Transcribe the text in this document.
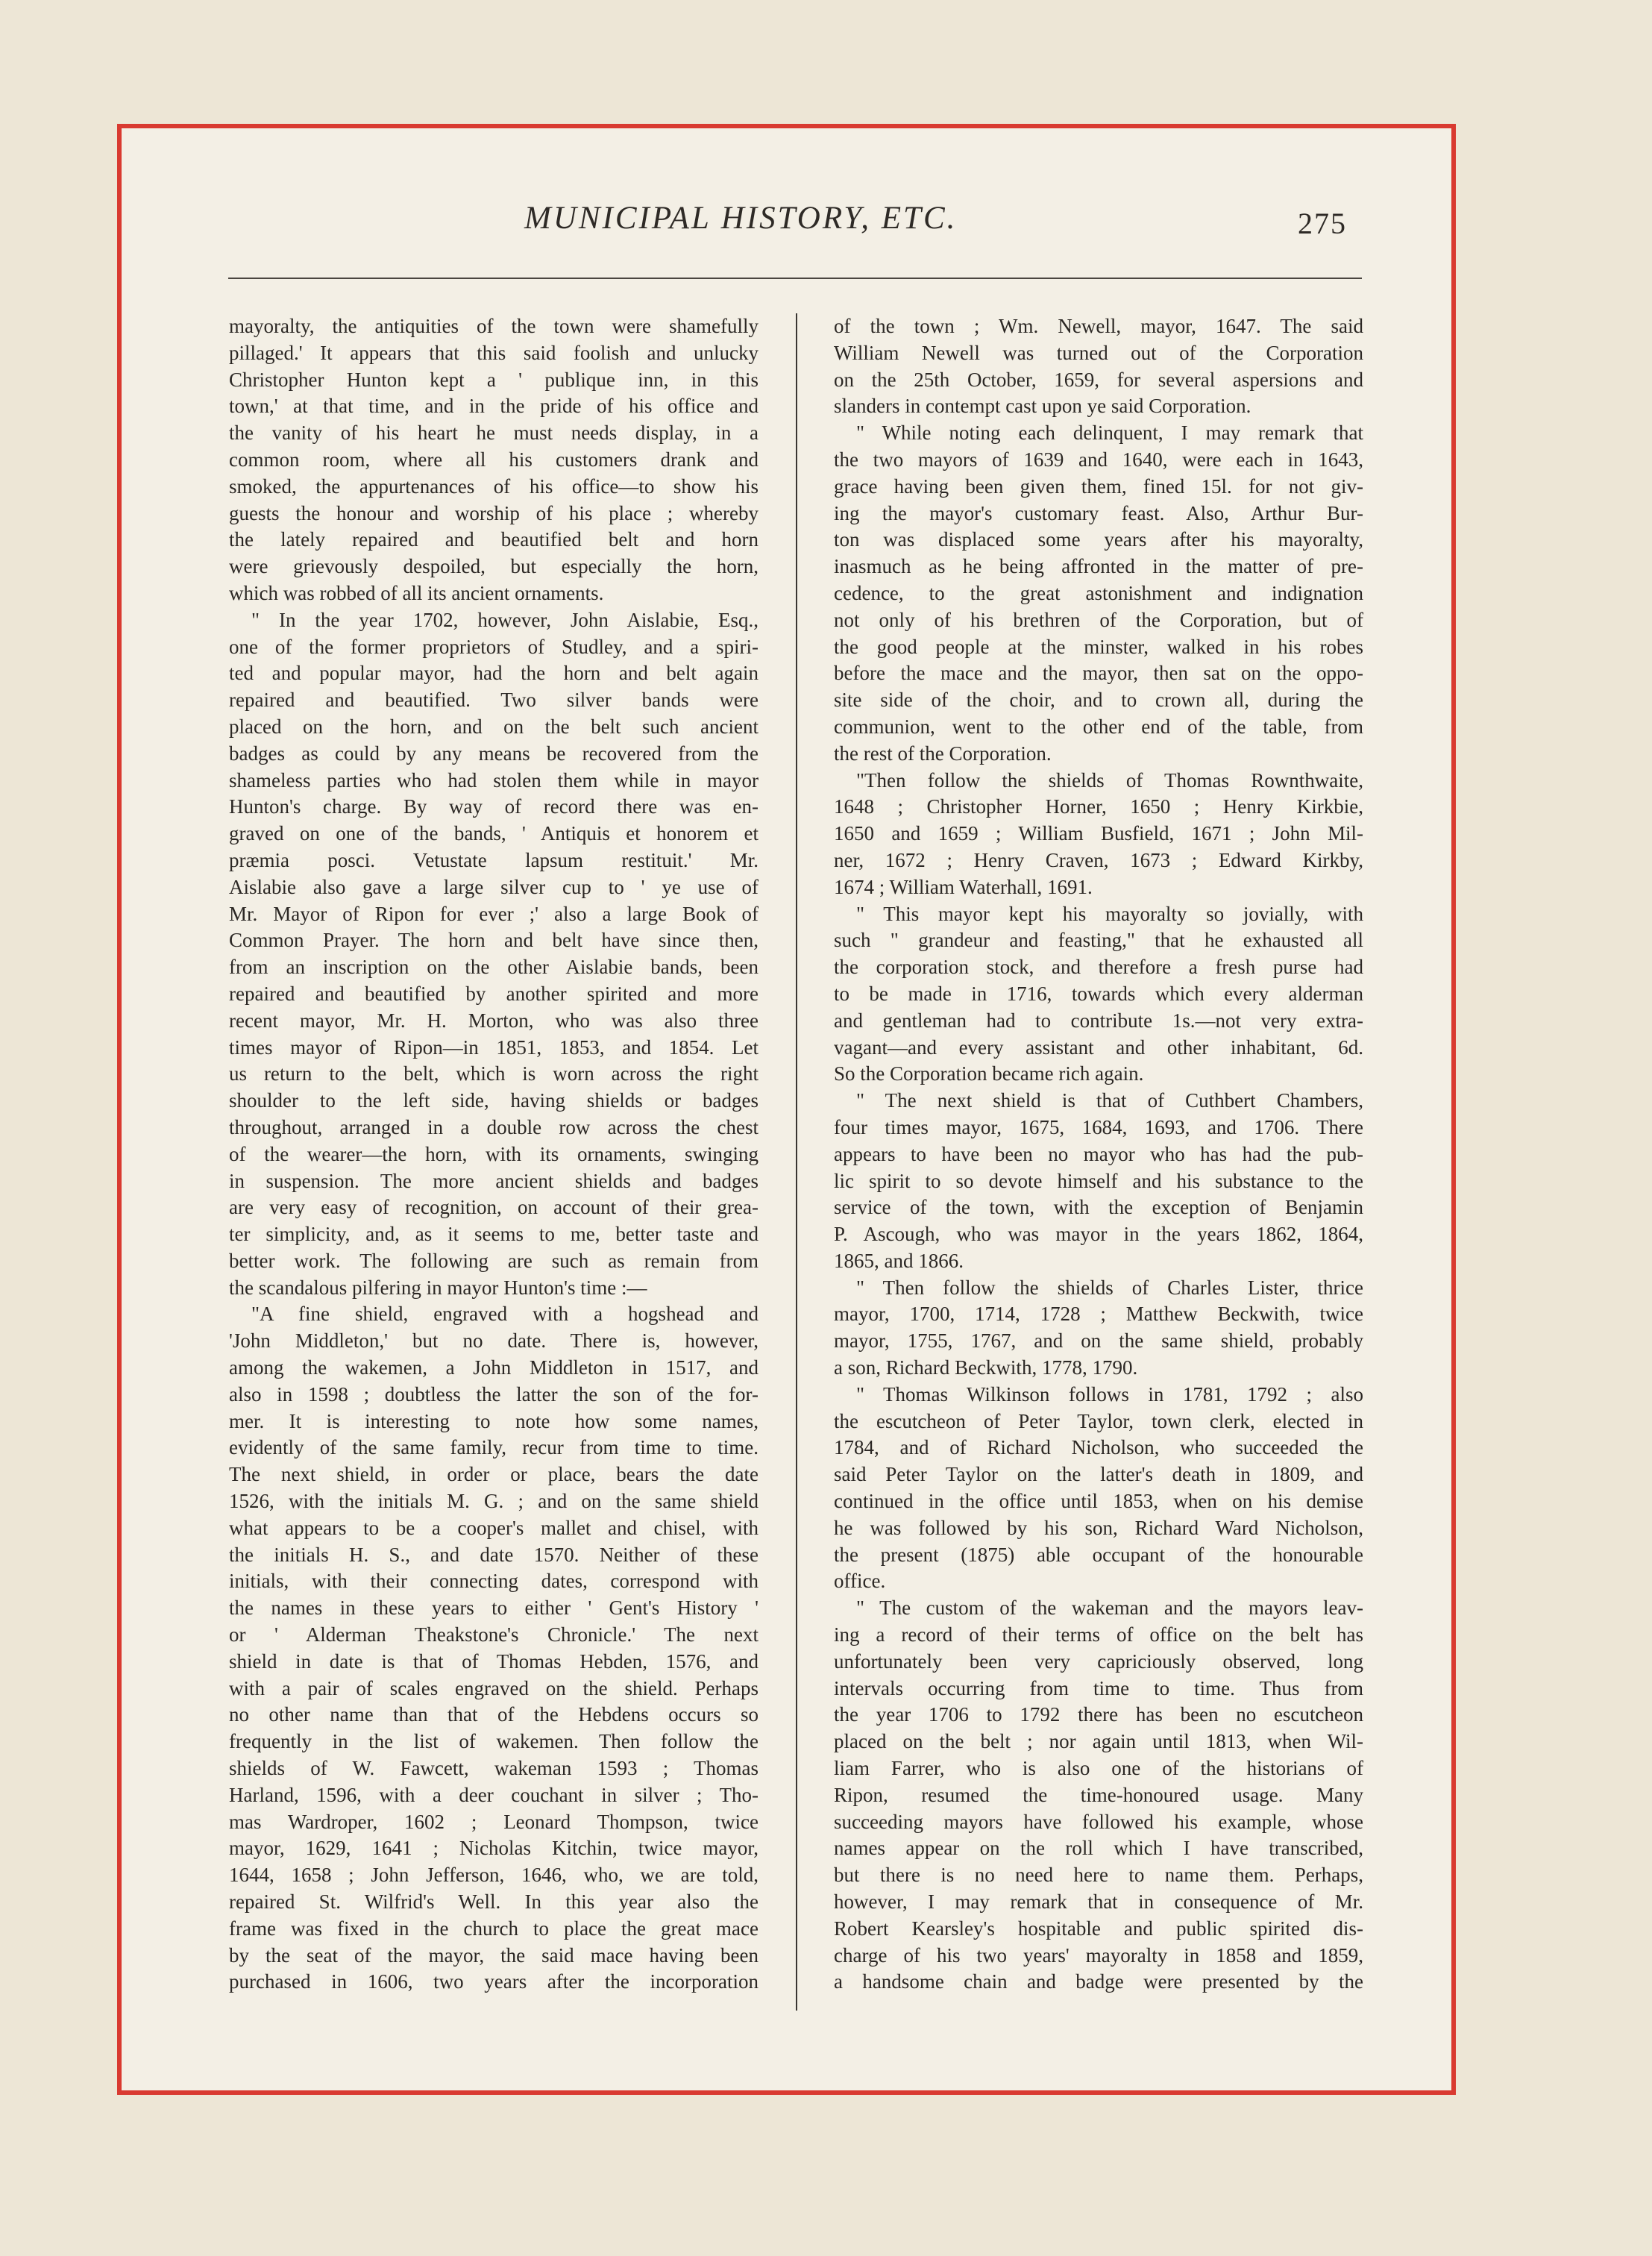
MUNICIPAL HISTORY, ETC.	275
mayoralty, the antiquities of the town were shamefully
pillaged.' It appears that this said foolish and unlucky
Christopher Hunton kept a ' publique inn, in this
town,' at that time, and in the pride of his office and
the vanity of his heart he must needs display, in a
common room, where all his customers drank and
smoked, the appurtenances of his office—to show his
guests the honour and worship of his place ; whereby
the lately repaired and beautified belt and horn
were grievously despoiled, but especially the horn,
which was robbed of all its ancient ornaments.
" In the year 1702, however, John Aislabie, Esq.,
one of the former proprietors of Studley, and a spiri-
ted and popular mayor, had the horn and belt again
repaired and beautified. Two silver bands were
placed on the horn, and on the belt such ancient
badges as could by any means be recovered from the
shameless parties who had stolen them while in mayor
Hunton's charge. By way of record there was en-
graved on one of the bands, ' Antiquis et honorem et
præmia posci. Vetustate lapsum restituit.' Mr.
Aislabie also gave a large silver cup to ' ye use of
Mr. Mayor of Ripon for ever ;' also a large Book of
Common Prayer. The horn and belt have since then,
from an inscription on the other Aislabie bands, been
repaired and beautified by another spirited and more
recent mayor, Mr. H. Morton, who was also three
times mayor of Ripon—in 1851, 1853, and 1854. Let
us return to the belt, which is worn across the right
shoulder to the left side, having shields or badges
throughout, arranged in a double row across the chest
of the wearer—the horn, with its ornaments, swinging
in suspension. The more ancient shields and badges
are very easy of recognition, on account of their grea-
ter simplicity, and, as it seems to me, better taste and
better work. The following are such as remain from
the scandalous pilfering in mayor Hunton's time :—
"A fine shield, engraved with a hogshead and
'John Middleton,' but no date. There is, however,
among the wakemen, a John Middleton in 1517, and
also in 1598 ; doubtless the latter the son of the for-
mer. It is interesting to note how some names,
evidently of the same family, recur from time to time.
The next shield, in order or place, bears the date
1526, with the initials M. G. ; and on the same shield
what appears to be a cooper's mallet and chisel, with
the initials H. S., and date 1570. Neither of these
initials, with their connecting dates, correspond with
the names in these years to either ' Gent's History '
or ' Alderman Theakstone's Chronicle.' The next
shield in date is that of Thomas Hebden, 1576, and
with a pair of scales engraved on the shield. Perhaps
no other name than that of the Hebdens occurs so
frequently in the list of wakemen. Then follow the
shields of W. Fawcett, wakeman 1593 ; Thomas
Harland, 1596, with a deer couchant in silver ; Tho-
mas Wardroper, 1602 ; Leonard Thompson, twice
mayor, 1629, 1641 ; Nicholas Kitchin, twice mayor,
1644, 1658 ; John Jefferson, 1646, who, we are told,
repaired St. Wilfrid's Well. In this year also the
frame was fixed in the church to place the great mace
by the seat of the mayor, the said mace having been
purchased in 1606, two years after the incorporation
of the town ; Wm. Newell, mayor, 1647. The said
William Newell was turned out of the Corporation
on the 25th October, 1659, for several aspersions and
slanders in contempt cast upon ye said Corporation.
" While noting each delinquent, I may remark that
the two mayors of 1639 and 1640, were each in 1643,
grace having been given them, fined 15l. for not giv-
ing the mayor's customary feast. Also, Arthur Bur-
ton was displaced some years after his mayoralty,
inasmuch as he being affronted in the matter of pre-
cedence, to the great astonishment and indignation
not only of his brethren of the Corporation, but of
the good people at the minster, walked in his robes
before the mace and the mayor, then sat on the oppo-
site side of the choir, and to crown all, during the
communion, went to the other end of the table, from
the rest of the Corporation.
"Then follow the shields of Thomas Rownthwaite,
1648 ; Christopher Horner, 1650 ; Henry Kirkbie,
1650 and 1659 ; William Busfield, 1671 ; John Mil-
ner, 1672 ; Henry Craven, 1673 ; Edward Kirkby,
1674 ; William Waterhall, 1691.
" This mayor kept his mayoralty so jovially, with
such " grandeur and feasting," that he exhausted all
the corporation stock, and therefore a fresh purse had
to be made in 1716, towards which every alderman
and gentleman had to contribute 1s.—not very extra-
vagant—and every assistant and other inhabitant, 6d.
So the Corporation became rich again.
" The next shield is that of Cuthbert Chambers,
four times mayor, 1675, 1684, 1693, and 1706. There
appears to have been no mayor who has had the pub-
lic spirit to so devote himself and his substance to the
service of the town, with the exception of Benjamin
P. Ascough, who was mayor in the years 1862, 1864,
1865, and 1866.
" Then follow the shields of Charles Lister, thrice
mayor, 1700, 1714, 1728 ; Matthew Beckwith, twice
mayor, 1755, 1767, and on the same shield, probably
a son, Richard Beckwith, 1778, 1790.
" Thomas Wilkinson follows in 1781, 1792 ; also
the escutcheon of Peter Taylor, town clerk, elected in
1784, and of Richard Nicholson, who succeeded the
said Peter Taylor on the latter's death in 1809, and
continued in the office until 1853, when on his demise
he was followed by his son, Richard Ward Nicholson,
the present (1875) able occupant of the honourable
office.
" The custom of the wakeman and the mayors leav-
ing a record of their terms of office on the belt has
unfortunately been very capriciously observed, long
intervals occurring from time to time. Thus from
the year 1706 to 1792 there has been no escutcheon
placed on the belt ; nor again until 1813, when Wil-
liam Farrer, who is also one of the historians of
Ripon, resumed the time-honoured usage. Many
succeeding mayors have followed his example, whose
names appear on the roll which I have transcribed,
but there is no need here to name them. Perhaps,
however, I may remark that in consequence of Mr.
Robert Kearsley's hospitable and public spirited dis-
charge of his two years' mayoralty in 1858 and 1859,
a handsome chain and badge were presented by the
